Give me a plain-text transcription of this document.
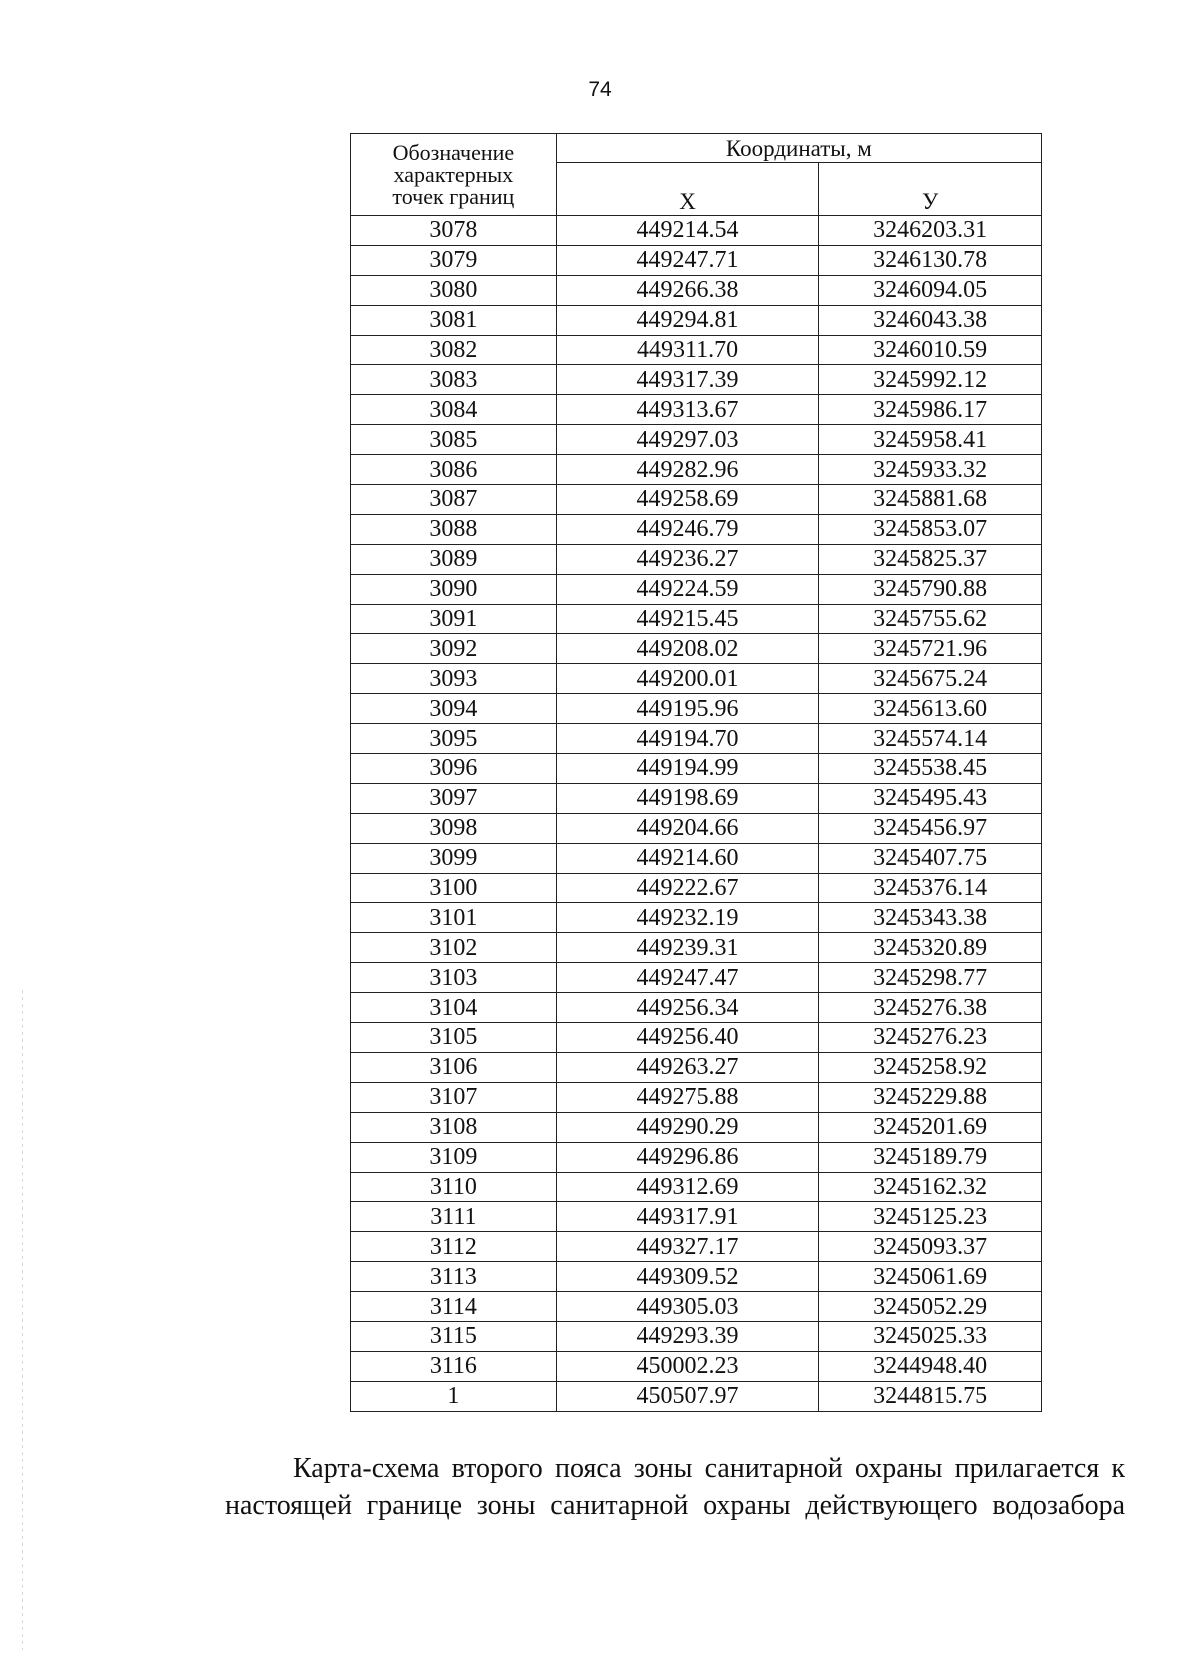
74
Обозначение
характерных
точек границ	Координаты, м	

	X	У

3078	449214.54	3246203.31
3079	449247.71	3246130.78
3080	449266.38	3246094.05
3081	449294.81	3246043.38
3082	449311.70	3246010.59
3083	449317.39	3245992.12
3084	449313.67	3245986.17
3085	449297.03	3245958.41
3086	449282.96	3245933.32
3087	449258.69	3245881.68
3088	449246.79	3245853.07
3089	449236.27	3245825.37
3090	449224.59	3245790.88
3091	449215.45	3245755.62
3092	449208.02	3245721.96
3093	449200.01	3245675.24
3094	449195.96	3245613.60
3095	449194.70	3245574.14
3096	449194.99	3245538.45
3097	449198.69	3245495.43
3098	449204.66	3245456.97
3099	449214.60	3245407.75
3100	449222.67	3245376.14
3101	449232.19	3245343.38
3102	449239.31	3245320.89
3103	449247.47	3245298.77
3104	449256.34	3245276.38
3105	449256.40	3245276.23
3106	449263.27	3245258.92
3107	449275.88	3245229.88
3108	449290.29	3245201.69
3109	449296.86	3245189.79
3110	449312.69	3245162.32
3111	449317.91	3245125.23
3112	449327.17	3245093.37
3113	449309.52	3245061.69
3114	449305.03	3245052.29
3115	449293.39	3245025.33
3116	450002.23	3244948.40
1	450507.97	3244815.75
Карта-схема второго пояса зоны санитарной охраны прилагается к
настоящей границе зоны санитарной охраны действующего водозабора
